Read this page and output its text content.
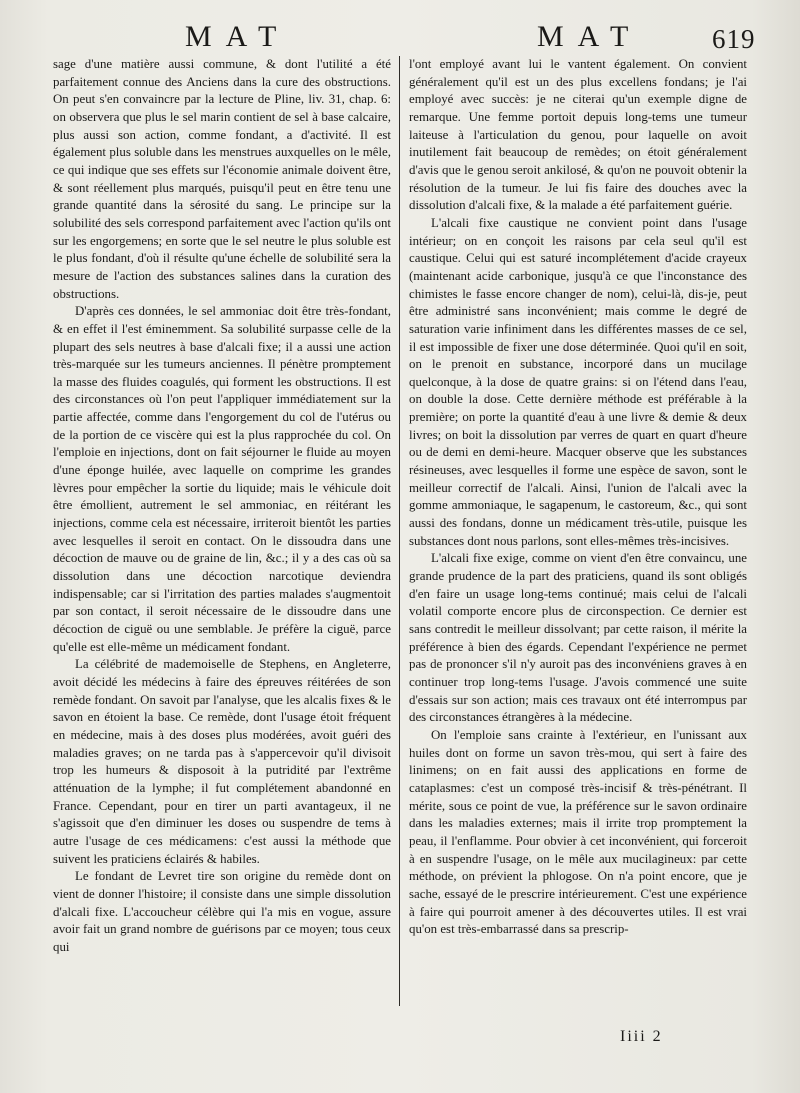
MAT	MAT	619

sage d'une matière aussi commune, & dont l'utilité a été parfaitement connue des Anciens dans la cure des obstructions. On peut s'en convaincre par la lecture de Pline, liv. 31, chap. 6: on observera que plus le sel marin contient de sel à base calcaire, plus aussi son action, comme fondant, a d'activité. Il est également plus soluble dans les menstrues auxquelles on le mêle, ce qui indique que ses effets sur l'économie animale doivent être, & sont réellement plus marqués, puisqu'il peut en être tenu une grande quantité dans la sérosité du sang. Le principe sur la solubilité des sels correspond parfaitement avec l'action qu'ils ont sur les engorgemens; en sorte que le sel neutre le plus soluble est le plus fondant, d'où il résulte qu'une échelle de solubilité sera la mesure de l'action des substances salines dans la curation des obstructions.

D'après ces données, le sel ammoniac doit être très-fondant, & en effet il l'est éminemment. Sa solubilité surpasse celle de la plupart des sels neutres à base d'alcali fixe; il a aussi une action très-marquée sur les tumeurs anciennes. Il pénètre promptement la masse des fluides coagulés, qui forment les obstructions. Il est des circonstances où l'on peut l'appliquer immédiatement sur la partie affectée, comme dans l'engorgement du col de l'utérus ou de la portion de ce viscère qui est la plus rapprochée du col. On l'emploie en injections, dont on fait séjourner le fluide au moyen d'une éponge huilée, avec laquelle on comprime les grandes lèvres pour empêcher la sortie du liquide; mais le véhicule doit être émollient, autrement le sel ammoniac, en réitérant les injections, comme cela est nécessaire, irriteroit bientôt les parties avec lesquelles il seroit en contact. On le dissoudra dans une décoction de mauve ou de graine de lin, &c.; il y a des cas où sa dissolution dans une décoction narcotique deviendra indispensable; car si l'irritation des parties malades s'augmentoit par son contact, il seroit nécessaire de le dissoudre dans une décoction de ciguë ou une semblable. Je préfère la ciguë, parce qu'elle est elle-même un médicament fondant.

La célébrité de mademoiselle de Stephens, en Angleterre, avoit décidé les médecins à faire des épreuves réitérées de son remède fondant. On savoit par l'analyse, que les alcalis fixes & le savon en étoient la base. Ce remède, dont l'usage étoit fréquent en médecine, mais à des doses plus modérées, avoit guéri des maladies graves; on ne tarda pas à s'appercevoir qu'il divisoit trop les humeurs & disposoit à la putridité par l'extrême atténuation de la lymphe; il fut complétement abandonné en France. Cependant, pour en tirer un parti avantageux, il ne s'agissoit que d'en diminuer les doses ou suspendre de tems à autre l'usage de ces médicamens: c'est aussi la méthode que suivent les praticiens éclairés & habiles.

Le fondant de Levret tire son origine du remède dont on vient de donner l'histoire; il consiste dans une simple dissolution d'alcali fixe. L'accoucheur célèbre qui l'a mis en vogue, assure avoir fait un grand nombre de guérisons par ce moyen; tous ceux qui

l'ont employé avant lui le vantent également. On convient généralement qu'il est un des plus excellens fondans; je l'ai employé avec succès: je ne citerai qu'un exemple digne de remarque. Une femme portoit depuis long-tems une tumeur laiteuse à l'articulation du genou, pour laquelle on avoit inutilement fait beaucoup de remèdes; on étoit généralement d'avis que le genou seroit ankilosé, & qu'on ne pouvoit obtenir la résolution de la tumeur. Je lui fis faire des douches avec la dissolution d'alcali fixe, & la malade a été parfaitement guérie.

L'alcali fixe caustique ne convient point dans l'usage intérieur; on en conçoit les raisons par cela seul qu'il est caustique. Celui qui est saturé incomplétement d'acide crayeux (maintenant acide carbonique, jusqu'à ce que l'inconstance des chimistes le fasse encore changer de nom), celui-là, dis-je, peut être administré sans inconvénient; mais comme le degré de saturation varie infiniment dans les différentes masses de ce sel, il est impossible de fixer une dose déterminée. Quoi qu'il en soit, on le prenoit en substance, incorporé dans un mucilage quelconque, à la dose de quatre grains: si on l'étend dans l'eau, on double la dose. Cette dernière méthode est préférable à la première; on porte la quantité d'eau à une livre & demie & deux livres; on boit la dissolution par verres de quart en quart d'heure ou de demi en demi-heure. Macquer observe que les substances résineuses, avec lesquelles il forme une espèce de savon, sont le meilleur correctif de l'alcali. Ainsi, l'union de l'alcali avec la gomme ammoniaque, le sagapenum, le castoreum, &c., qui sont aussi des fondans, donne un médicament très-utile, puisque les substances dont nous parlons, sont elles-mêmes très-incisives.

L'alcali fixe exige, comme on vient d'en être convaincu, une grande prudence de la part des praticiens, quand ils sont obligés d'en faire un usage long-tems continué; mais celui de l'alcali volatil comporte encore plus de circonspection. Ce dernier est sans contredit le meilleur dissolvant; par cette raison, il mérite la préférence à bien des égards. Cependant l'expérience ne permet pas de prononcer s'il n'y auroit pas des inconvéniens graves à en continuer trop long-tems l'usage. J'avois commencé une suite d'essais sur son action; mais ces travaux ont été interrompus par des circonstances étrangères à la médecine.

On l'emploie sans crainte à l'extérieur, en l'unissant aux huiles dont on forme un savon très-mou, qui sert à faire des linimens; on en fait aussi des applications en forme de cataplasmes: c'est un composé très-incisif & très-pénétrant. Il mérite, sous ce point de vue, la préférence sur le savon ordinaire dans les maladies externes; mais il irrite trop promptement la peau, il l'enflamme. Pour obvier à cet inconvénient, qui forceroit à en suspendre l'usage, on le mêle aux mucilagineux: par cette méthode, on prévient la phlogose. On n'a point encore, que je sache, essayé de le prescrire intérieurement. C'est une expérience à faire qui pourroit amener à des découvertes utiles. Il est vrai qu'on est très-embarrassé dans sa prescrip-

Iiii 2
